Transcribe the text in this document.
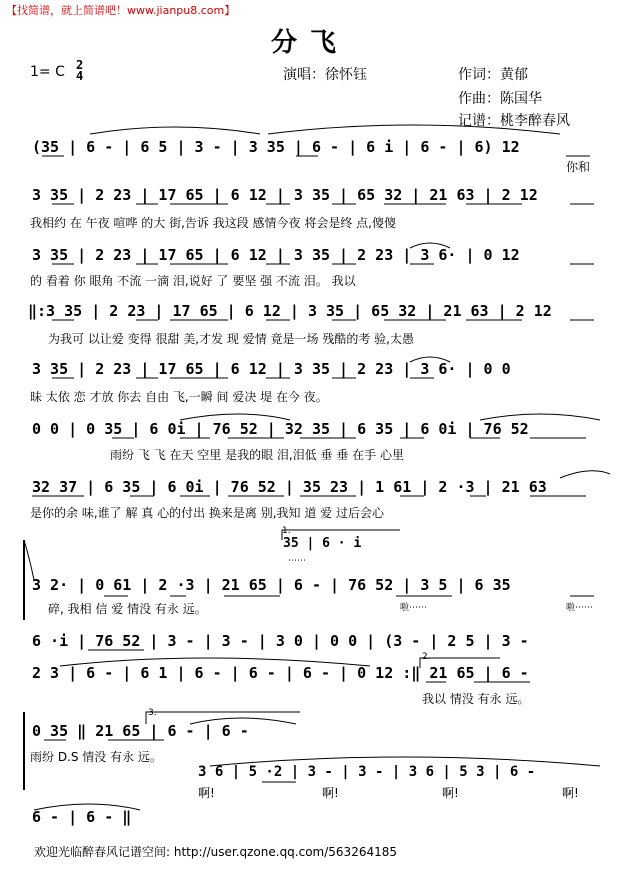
【找简谱，就上简谱吧！www.jianpu8.com】
分 飞
1= C 2
4	演唱：徐怀钰	作词：黄郁
作曲：陈国华
记谱：桃李醉春风
(35 | 6 - | 6 5 | 3 - | 3 35 | 6 - | 6 i | 6 - | 6) 12
你和
3 35 | 2 23 | 17 65 | 6 12 | 3 35 | 65 32 | 21 63 | 2 12
我相约 在 午夜 喧哗 的大 街,告诉 我这段 感情今夜 将会是终 点,傻傻
3 35 | 2 23 | 17 65 | 6 12 | 3 35 | 2 23 | 3 6· | 0 12
的 看着 你 眼角 不流 一滴 泪,说好 了 要坚 强 不流 泪。 我以
‖:3 35 | 2 23 | 17 65 | 6 12 | 3 35 | 65 32 | 21 63 | 2 12
为我可 以让爱 变得 很甜 美,才发 现 爱情 竟是一场 残酷的考 验,太愚
3 35 | 2 23 | 17 65 | 6 12 | 3 35 | 2 23 | 3 6· | 0 0
昧 太依 恋 才放 你去 自由 飞,一瞬 间 爱决 堤 在今 夜。
0 0 | 0 35 | 6 0i | 76 52 | 32 35 | 6 35 | 6 0i | 76 52
雨纷 飞 飞 在天 空里 是我的眼 泪,泪低 垂 垂 在手 心里
32 37 | 6 35 | 6 0i | 76 52 | 35 23 | 1 61 | 2 ·3 | 21 63
是你的余 味,谁了 解 真 心的付出 换来是离 别,我知 道 爱 过后会心
35 | 6 · i
1.
⋯⋯
3 2· | 0 61 | 2 ·3 | 21 65 | 6 - | 76 52 | 3 5 | 6 35
碎, 我相 信 爱 情没 有永 远。	啦⋯⋯	啦⋯⋯
6 ·i | 76 52 | 3 - | 3 - | 3 0 | 0 0 | (3 - | 2 5 | 3 -
2 3 | 6 - | 6 1 | 6 - | 6 - | 6 - | 0 12 :‖ 21 65 | 6 -
我以 情没 有永 远。
2.
0 35 ‖ 21 65 | 6 - | 6 -
雨纷 D.S 情没 有永 远。
3.
3 6 | 5 ·2 | 3 - | 3 - | 3 6 | 5 3 | 6 -
啊!	啊!	啊!	啊!
6 - | 6 - ‖
欢迎光临醉春风记谱空间: http://user.qzone.qq.com/563264185
